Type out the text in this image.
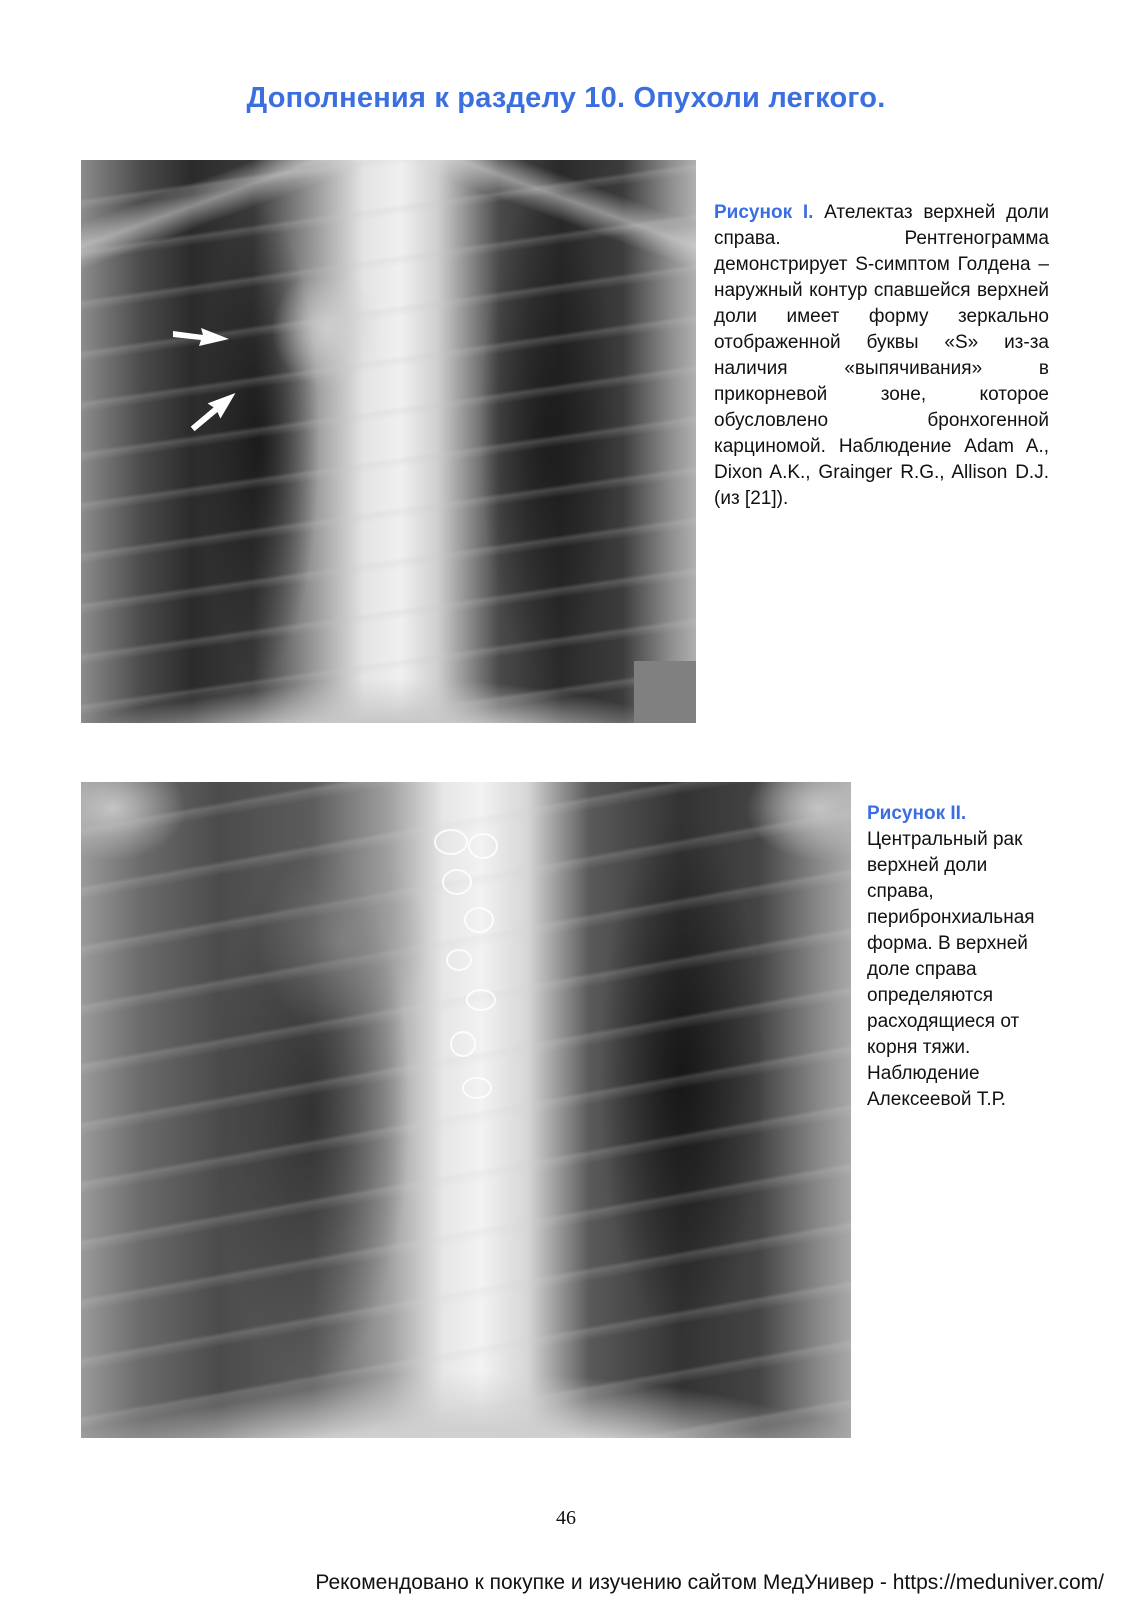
Дополнения к разделу 10. Опухоли легкого.
Рисунок I. Ателектаз верхней доли справа. Рентгенограмма демонстрирует S-симптом Голдена – наружный контур спавшейся верхней доли имеет форму зеркально отображенной буквы «S» из-за наличия «выпячивания» в прикорневой зоне, которое обусловлено бронхогенной карциномой. Наблюдение Adam A., Dixon A.K., Grainger R.G., Allison D.J. (из [21]).
Рисунок II.
Центральный рак верхней доли справа, перибронхиальная форма. В верхней доле справа определяются расходящиеся от корня тяжи. Наблюдение Алексеевой Т.Р.
46
Рекомендовано к покупке и изучению сайтом МедУнивер - https://meduniver.com/
